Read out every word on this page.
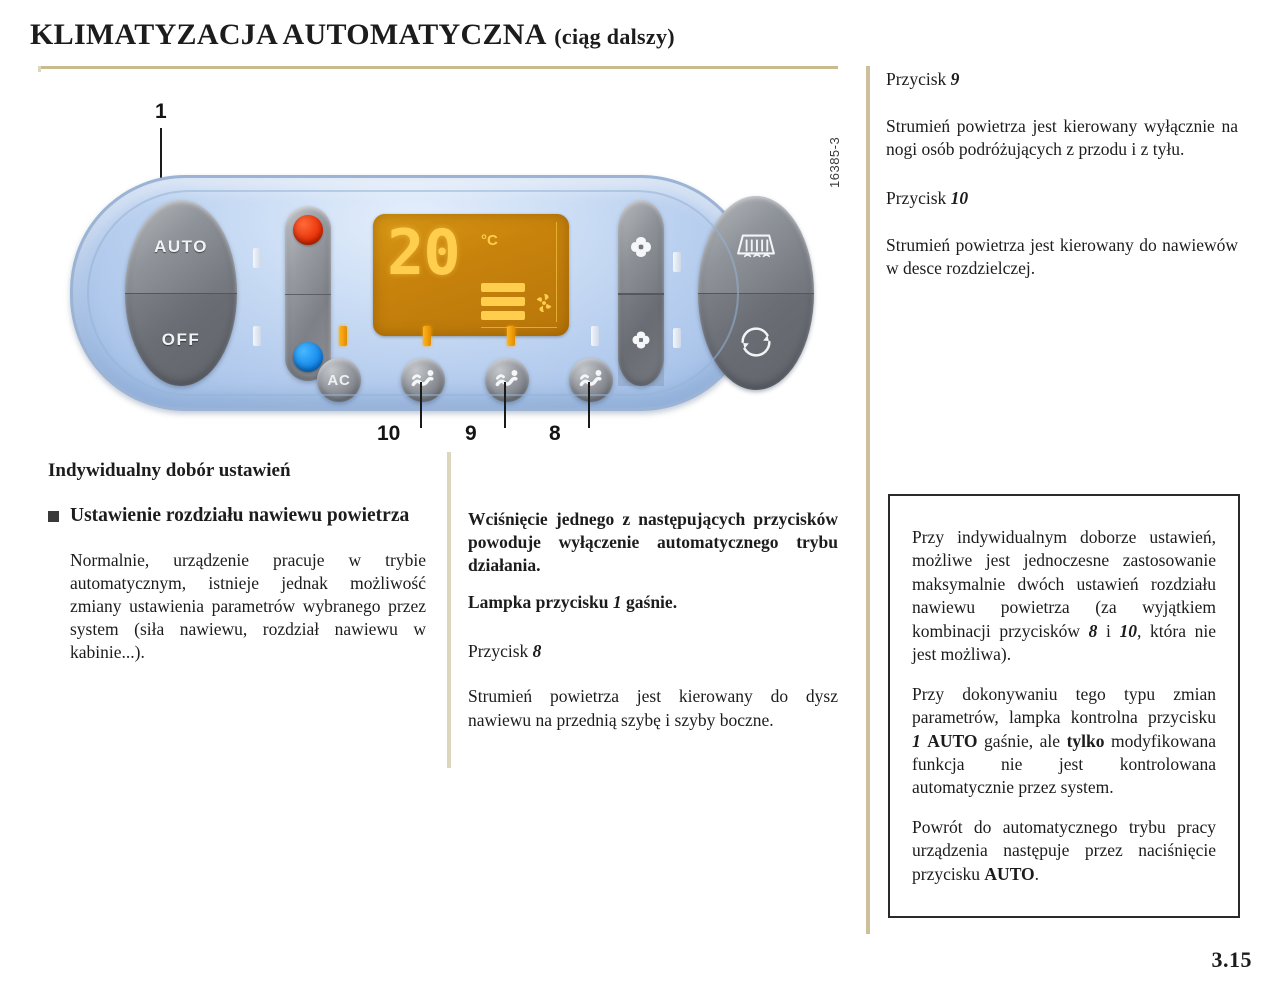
KLIMATYZACJA AUTOMATYCZNA (ciąg dalszy)
1
AUTO
OFF
20 °C
AC
10	9	8
16385-3
Indywidualny dobór ustawień
Ustawienie rozdziału nawiewu powietrza

Normalnie, urządzenie pracuje w trybie automatycznym, istnieje jednak możliwość zmiany ustawienia parametrów wybranego przez system (siła nawiewu, rozdział nawiewu w kabinie...).

Wciśnięcie jednego z następujących przycisków powoduje wyłączenie automatycznego trybu działania.

Lampka przycisku 1 gaśnie.

Przycisk 8

Strumień powietrza jest kierowany do dysz nawiewu na przednią szybę i szyby boczne.

Przycisk 9

Strumień powietrza jest kierowany wyłącznie na nogi osób podróżujących z przodu i z tyłu.

Przycisk 10

Strumień powietrza jest kierowany do nawiewów w desce rozdzielczej.

Przy indywidualnym doborze ustawień, możliwe jest jednoczesne zastosowanie maksymalnie dwóch ustawień rozdziału nawiewu powietrza (za wyjątkiem kombinacji przycisków 8 i 10, która nie jest możliwa).

Przy dokonywaniu tego typu zmian parametrów, lampka kontrolna przycisku 1 AUTO gaśnie, ale tylko modyfikowana funkcja nie jest kontrolowana automatycznie przez system.

Powrót do automatycznego trybu pracy urządzenia następuje przez naciśnięcie przycisku AUTO.

3.15
